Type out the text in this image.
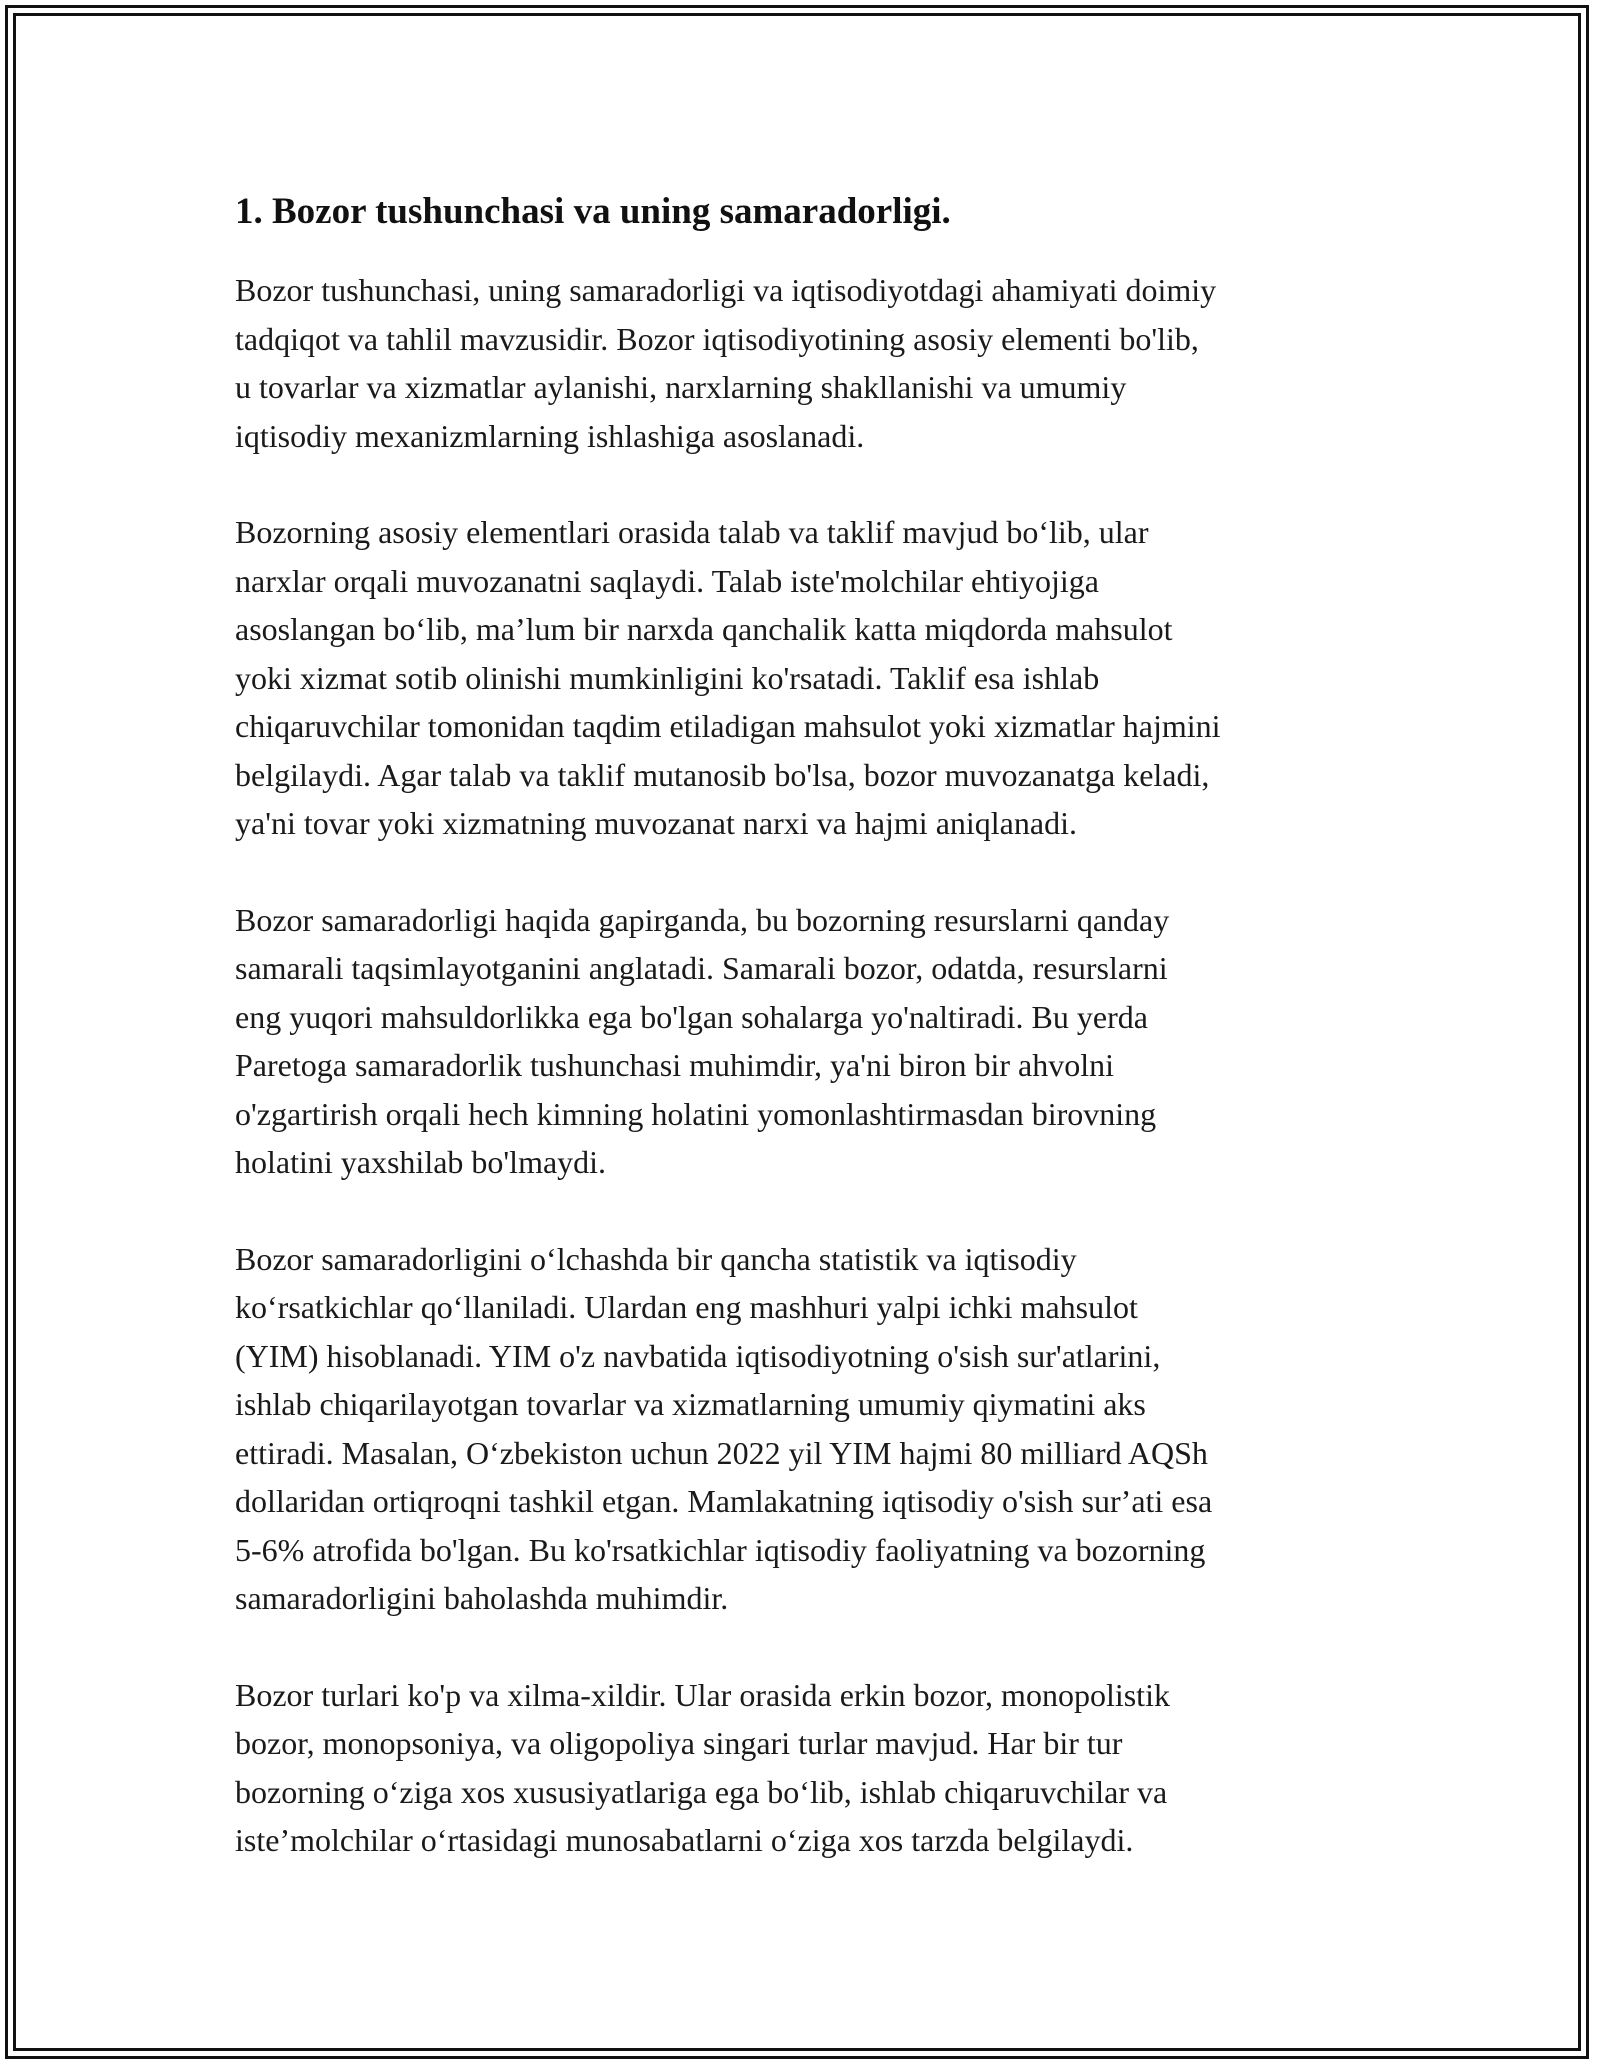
1. Bozor tushunchasi va uning samaradorligi.

Bozor tushunchasi, uning samaradorligi va iqtisodiyotdagi ahamiyati doimiy
tadqiqot va tahlil mavzusidir. Bozor iqtisodiyotining asosiy elementi bo'lib,
u tovarlar va xizmatlar aylanishi, narxlarning shakllanishi va umumiy
iqtisodiy mexanizmlarning ishlashiga asoslanadi.

Bozorning asosiy elementlari orasida talab va taklif mavjud boʻlib, ular
narxlar orqali muvozanatni saqlaydi. Talab iste'molchilar ehtiyojiga
asoslangan boʻlib, maʼlum bir narxda qanchalik katta miqdorda mahsulot
yoki xizmat sotib olinishi mumkinligini ko'rsatadi. Taklif esa ishlab
chiqaruvchilar tomonidan taqdim etiladigan mahsulot yoki xizmatlar hajmini
belgilaydi. Agar talab va taklif mutanosib bo'lsa, bozor muvozanatga keladi,
ya'ni tovar yoki xizmatning muvozanat narxi va hajmi aniqlanadi.

Bozor samaradorligi haqida gapirganda, bu bozorning resurslarni qanday
samarali taqsimlayotganini anglatadi. Samarali bozor, odatda, resurslarni
eng yuqori mahsuldorlikka ega bo'lgan sohalarga yo'naltiradi. Bu yerda
Paretoga samaradorlik tushunchasi muhimdir, ya'ni biron bir ahvolni
o'zgartirish orqali hech kimning holatini yomonlashtirmasdan birovning
holatini yaxshilab bo'lmaydi.

Bozor samaradorligini oʻlchashda bir qancha statistik va iqtisodiy
koʻrsatkichlar qoʻllaniladi. Ulardan eng mashhuri yalpi ichki mahsulot
(YIM) hisoblanadi. YIM o'z navbatida iqtisodiyotning o'sish sur'atlarini,
ishlab chiqarilayotgan tovarlar va xizmatlarning umumiy qiymatini aks
ettiradi. Masalan, Oʻzbekiston uchun 2022 yil YIM hajmi 80 milliard AQSh
dollaridan ortiqroqni tashkil etgan. Mamlakatning iqtisodiy o'sish surʼati esa
5-6% atrofida bo'lgan. Bu ko'rsatkichlar iqtisodiy faoliyatning va bozorning
samaradorligini baholashda muhimdir.

Bozor turlari ko'p va xilma-xildir. Ular orasida erkin bozor, monopolistik
bozor, monopsoniya, va oligopoliya singari turlar mavjud. Har bir tur
bozorning oʻziga xos xususiyatlariga ega boʻlib, ishlab chiqaruvchilar va
isteʼmolchilar oʻrtasidagi munosabatlarni oʻziga xos tarzda belgilaydi.
